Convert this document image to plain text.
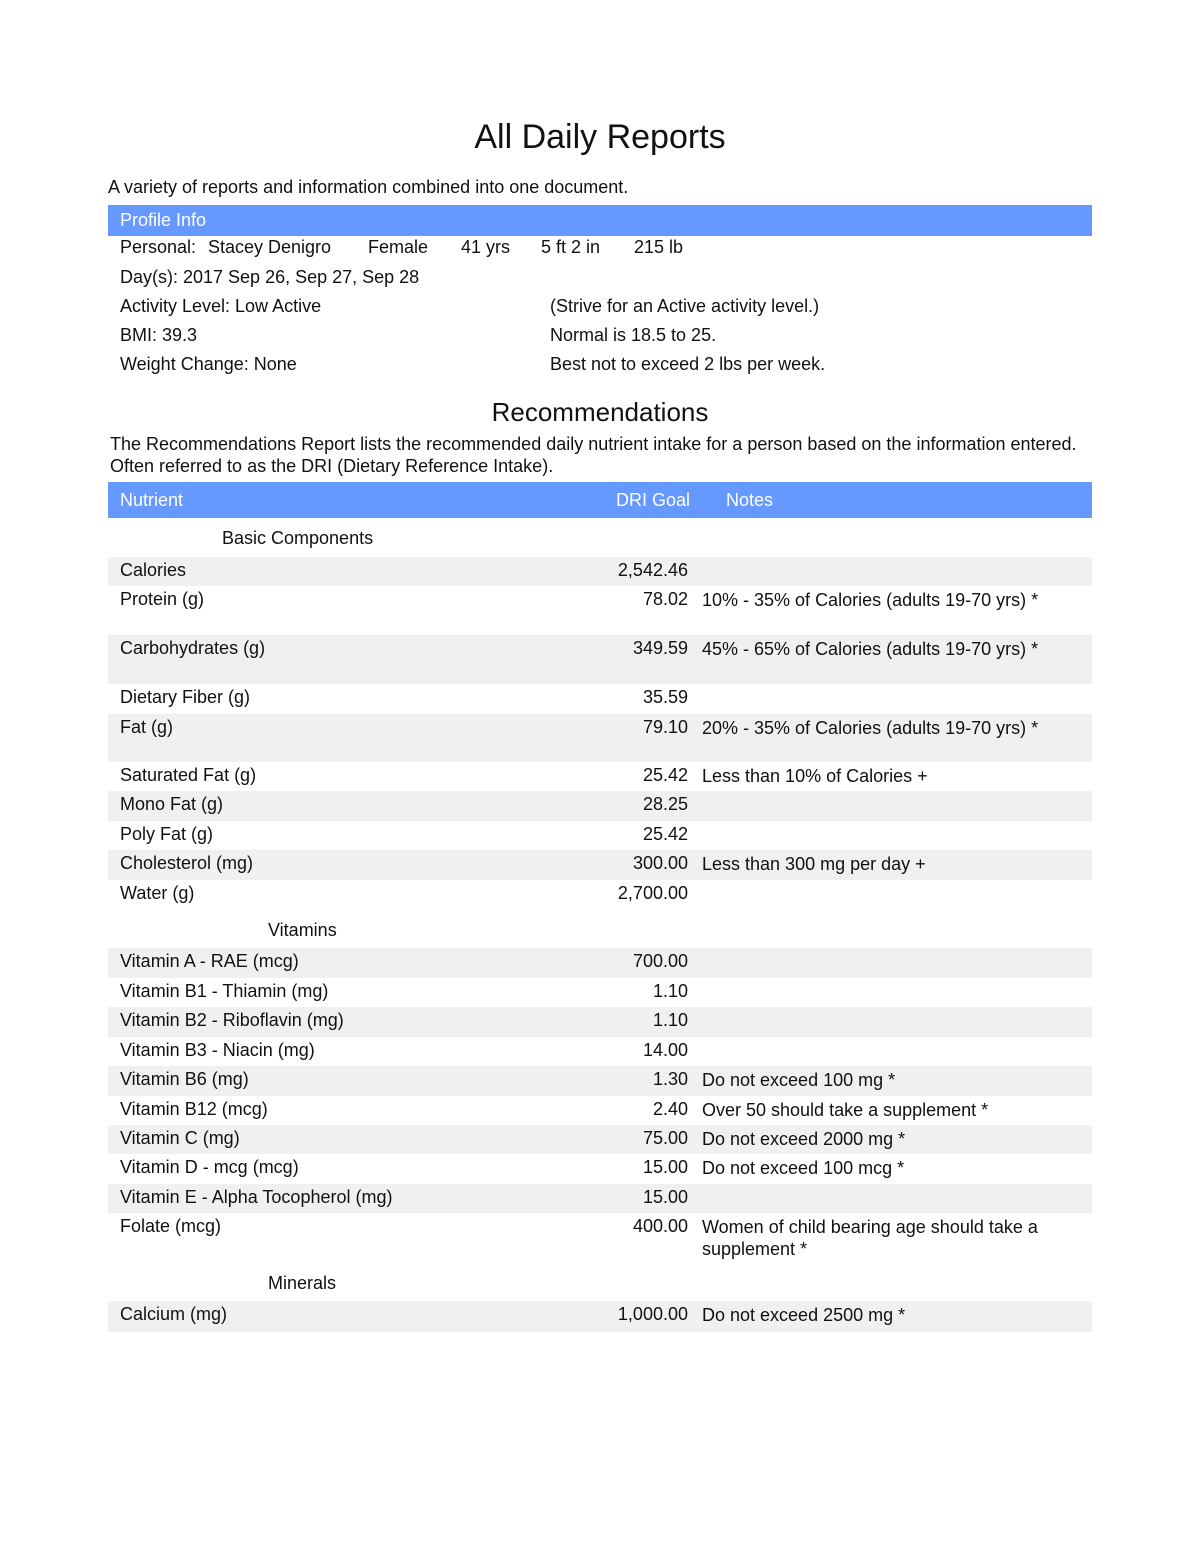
All Daily Reports
A variety of reports and information combined into one document.
Profile Info
Personal: Stacey Denigro Female 41 yrs 5 ft 2 in 215 lb
Day(s): 2017 Sep 26, Sep 27, Sep 28
Activity Level: Low Active	(Strive for an Active activity level.)
BMI: 39.3	Normal is 18.5 to 25.
Weight Change: None	Best not to exceed 2 lbs per week.
Recommendations
The Recommendations Report lists the recommended daily nutrient intake for a person based on the information entered. Often referred to as the DRI (Dietary Reference Intake).
Nutrient	DRI Goal Notes
Basic Components
Calories	2,542.46
Protein (g)	78.02 10% - 35% of Calories (adults 19-70 yrs) *
Carbohydrates (g)	349.59 45% - 65% of Calories (adults 19-70 yrs) *
Dietary Fiber (g)	35.59
Fat (g)	79.10 20% - 35% of Calories (adults 19-70 yrs) *
Saturated Fat (g)	25.42 Less than 10% of Calories +
Mono Fat (g)	28.25
Poly Fat (g)	25.42
Cholesterol (mg)	300.00 Less than 300 mg per day +
Water (g)	2,700.00
Vitamins
Vitamin A - RAE (mcg)	700.00
Vitamin B1 - Thiamin (mg)	1.10
Vitamin B2 - Riboflavin (mg)	1.10
Vitamin B3 - Niacin (mg)	14.00
Vitamin B6 (mg)	1.30 Do not exceed 100 mg *
Vitamin B12 (mcg)	2.40 Over 50 should take a supplement *
Vitamin C (mg)	75.00 Do not exceed 2000 mg *
Vitamin D - mcg (mcg)	15.00 Do not exceed 100 mcg *
Vitamin E - Alpha Tocopherol (mg)	15.00
Folate (mcg)	400.00 Women of child bearing age should take a supplement *
Minerals
Calcium (mg)	1,000.00 Do not exceed 2500 mg *
